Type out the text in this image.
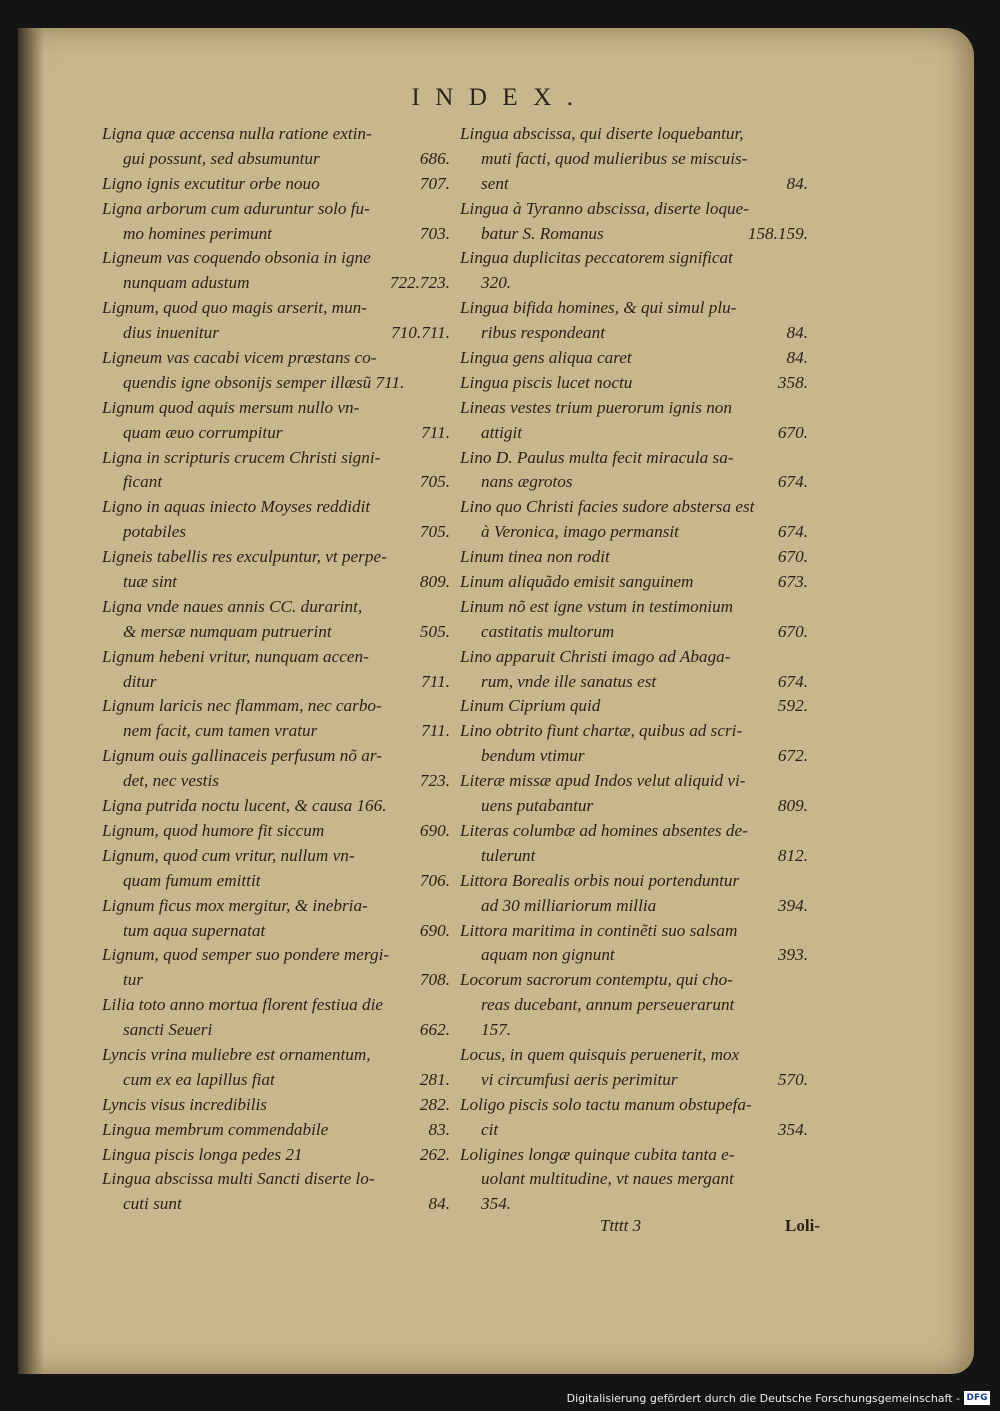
INDEX.
Ligna quæ accensa nulla ratione extin-
gui possunt, sed absumuntur	686.
Ligno ignis excutitur orbe nouo	707.
Ligna arborum cum aduruntur solo fu-
mo homines perimunt	703.
Ligneum vas coquendo obsonia in igne
nunquam adustum	722.723.
Lignum, quod quo magis arserit, mun-
dius inuenitur	710.711.
Ligneum vas cacabi vicem præstans co-
quendis igne obsonijs semper illæsũ 711.
Lignum quod aquis mersum nullo vn-
quam æuo corrumpitur	711.
Ligna in scripturis crucem Christi signi-
ficant	705.
Ligno in aquas iniecto Moyses reddidit
potabiles	705.
Ligneis tabellis res exculpuntur, vt perpe-
tuæ sint	809.
Ligna vnde naues annis CC. durarint,
& mersæ numquam putruerint	505.
Lignum hebeni vritur, nunquam accen-
ditur	711.
Lignum laricis nec flammam, nec carbo-
nem facit, cum tamen vratur	711.
Lignum ouis gallinaceis perfusum nõ ar-
det, nec vestis	723.
Ligna putrida noctu lucent, & causa 166.
Lignum, quod humore fit siccum	690.
Lignum, quod cum vritur, nullum vn-
quam fumum emittit	706.
Lignum ficus mox mergitur, & inebria-
tum aqua supernatat	690.
Lignum, quod semper suo pondere mergi-
tur	708.
Lilia toto anno mortua florent festiua die
sancti Seueri	662.
Lyncis vrina muliebre est ornamentum,
cum ex ea lapillus fiat	281.
Lyncis visus incredibilis	282.
Lingua membrum commendabile	83.
Lingua piscis longa pedes 21	262.
Lingua abscissa multi Sancti diserte lo-
cuti sunt	84.
Lingua abscissa, qui diserte loquebantur,
muti facti, quod mulieribus se miscuis-
sent	84.
Lingua à Tyranno abscissa, diserte loque-
batur S. Romanus	158.159.
Lingua duplicitas peccatorem significat
320.
Lingua bifida homines, & qui simul plu-
ribus respondeant	84.
Lingua gens aliqua caret	84.
Lingua piscis lucet noctu	358.
Lineas vestes trium puerorum ignis non
attigit	670.
Lino D. Paulus multa fecit miracula sa-
nans ægrotos	674.
Lino quo Christi facies sudore abstersa est
à Veronica, imago permansit	674.
Linum tinea non rodit	670.
Linum aliquãdo emisit sanguinem	673.
Linum nõ est igne vstum in testimonium
castitatis multorum	670.
Lino apparuit Christi imago ad Abaga-
rum, vnde ille sanatus est	674.
Linum Ciprium quid	592.
Lino obtrito fiunt chartæ, quibus ad scri-
bendum vtimur	672.
Literæ missæ apud Indos velut aliquid vi-
uens putabantur	809.
Literas columbæ ad homines absentes de-
tulerunt	812.
Littora Borealis orbis noui portenduntur
ad 30 milliariorum millia	394.
Littora maritima in continẽti suo salsam
aquam non gignunt	393.
Locorum sacrorum contemptu, qui cho-
reas ducebant, annum perseuerarunt
157.
Locus, in quem quisquis peruenerit, mox
vi circumfusi aeris perimitur	570.
Loligo piscis solo tactu manum obstupefa-
cit	354.
Loligines longæ quinque cubita tanta e-
uolant multitudine, vt naues mergant
354.
Ttttt 3	Loli-
Digitalisierung gefördert durch die Deutsche Forschungsgemeinschaft - DFG
